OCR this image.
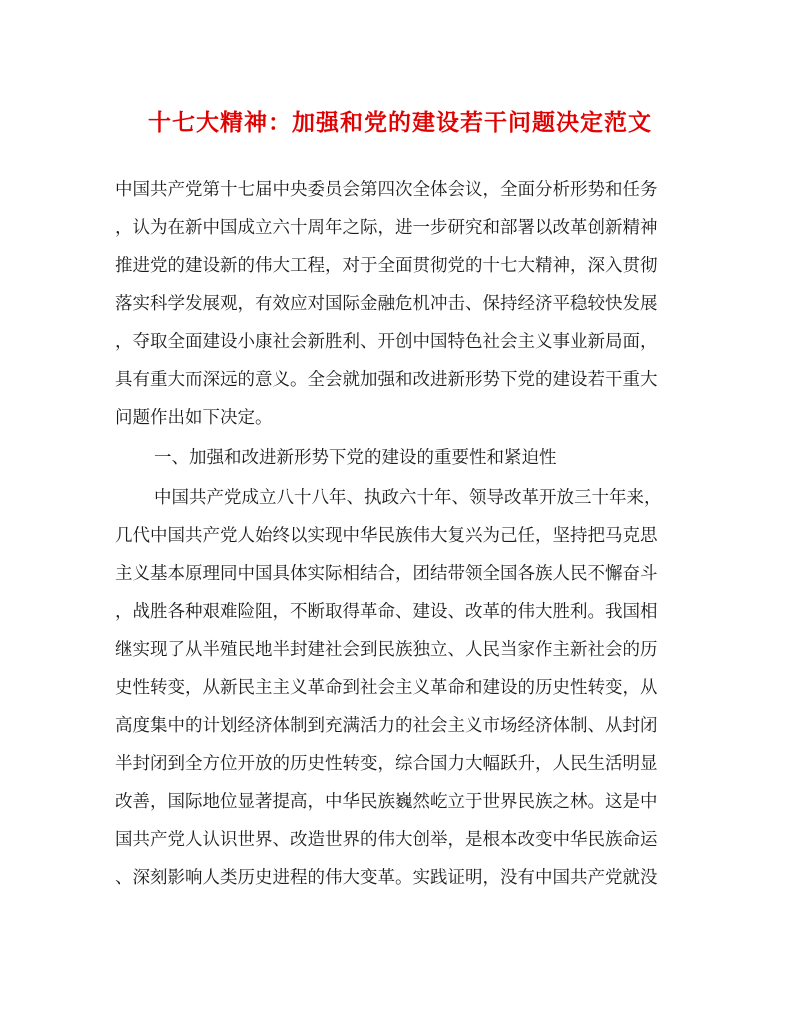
十七大精神：加强和党的建设若干问题决定范文
中国共产党第十七届中央委员会第四次全体会议，全面分析形势和任务
，认为在新中国成立六十周年之际，进一步研究和部署以改革创新精神
推进党的建设新的伟大工程，对于全面贯彻党的十七大精神，深入贯彻
落实科学发展观，有效应对国际金融危机冲击、保持经济平稳较快发展
，夺取全面建设小康社会新胜利、开创中国特色社会主义事业新局面，
具有重大而深远的意义。全会就加强和改进新形势下党的建设若干重大
问题作出如下决定。
一、加强和改进新形势下党的建设的重要性和紧迫性
中国共产党成立八十八年、执政六十年、领导改革开放三十年来，
几代中国共产党人始终以实现中华民族伟大复兴为己任，坚持把马克思
主义基本原理同中国具体实际相结合，团结带领全国各族人民不懈奋斗
，战胜各种艰难险阻，不断取得革命、建设、改革的伟大胜利。我国相
继实现了从半殖民地半封建社会到民族独立、人民当家作主新社会的历
史性转变，从新民主主义革命到社会主义革命和建设的历史性转变，从
高度集中的计划经济体制到充满活力的社会主义市场经济体制、从封闭
半封闭到全方位开放的历史性转变，综合国力大幅跃升，人民生活明显
改善，国际地位显著提高，中华民族巍然屹立于世界民族之林。这是中
国共产党人认识世界、改造世界的伟大创举，是根本改变中华民族命运
、深刻影响人类历史进程的伟大变革。实践证明，没有中国共产党就没
